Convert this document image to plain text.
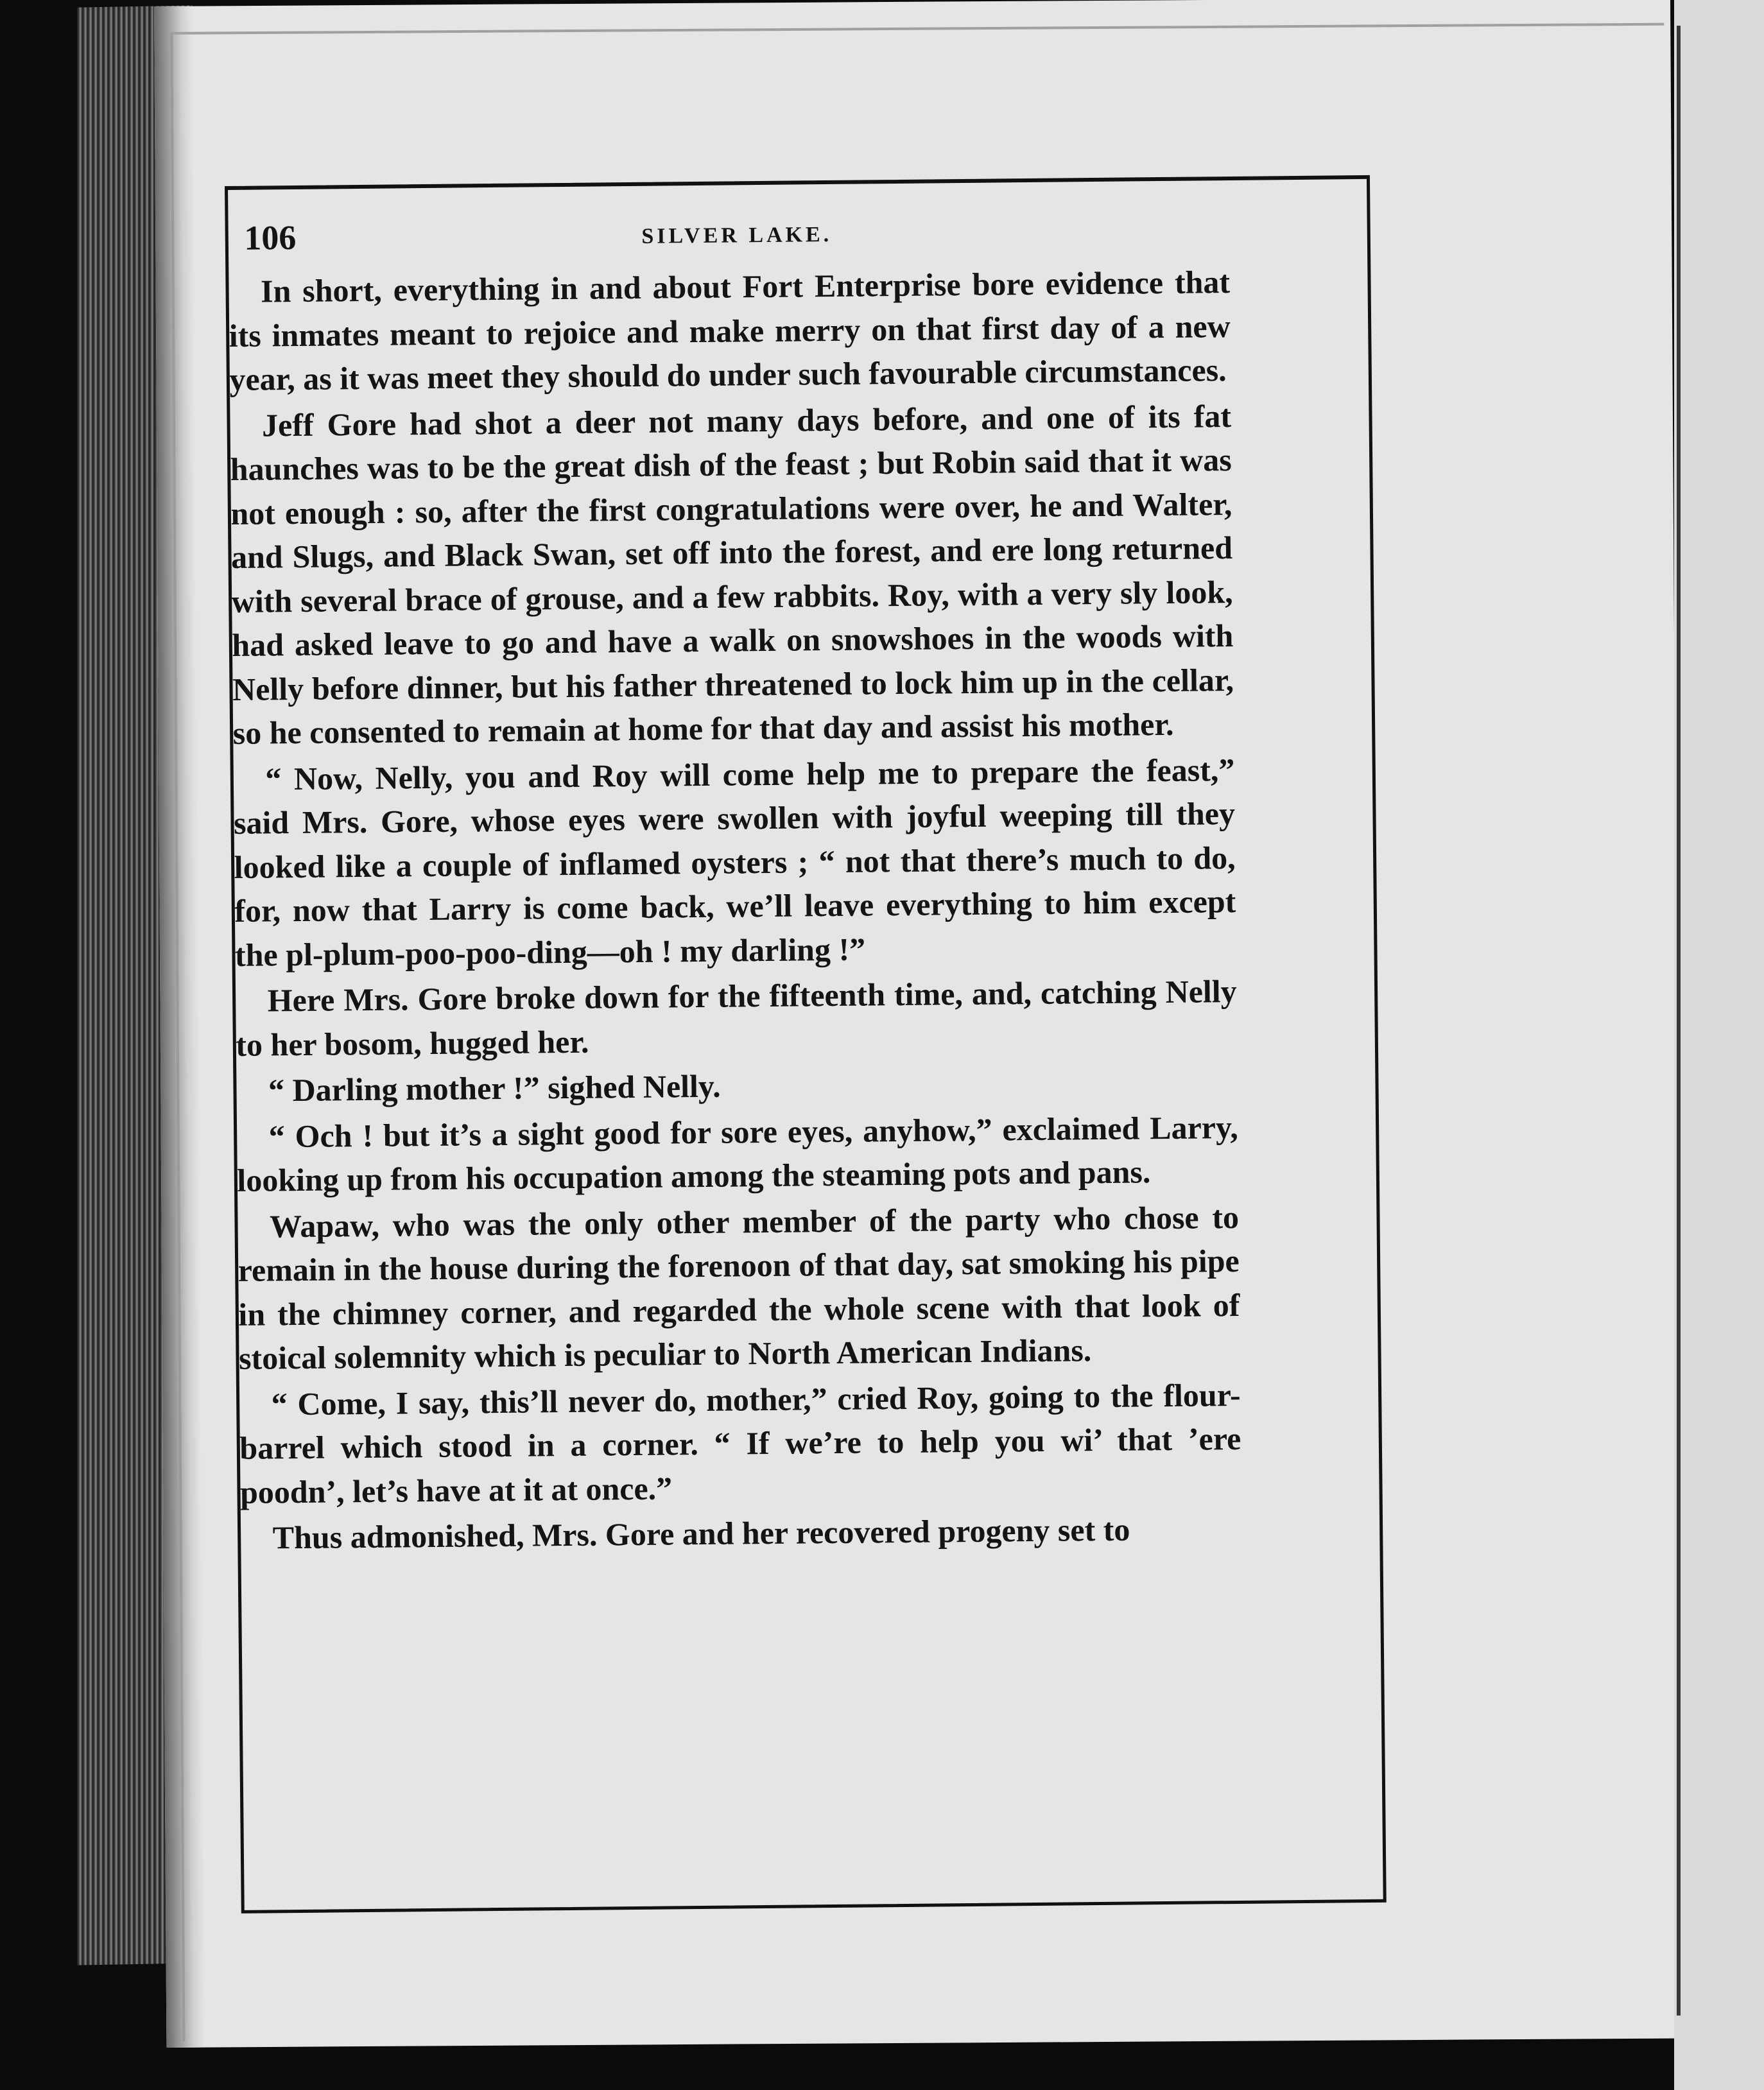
106	SILVER LAKE.

In short, everything in and about Fort Enterprise bore evidence that its inmates meant to rejoice and make merry on that first day of a new year, as it was meet they should do under such favourable circumstances.

Jeff Gore had shot a deer not many days before, and one of its fat haunches was to be the great dish of the feast ; but Robin said that it was not enough : so, after the first congratulations were over, he and Walter, and Slugs, and Black Swan, set off into the forest, and ere long returned with several brace of grouse, and a few rabbits. Roy, with a very sly look, had asked leave to go and have a walk on snowshoes in the woods with Nelly before dinner, but his father threatened to lock him up in the cellar, so he consented to remain at home for that day and assist his mother.

“ Now, Nelly, you and Roy will come help me to prepare the feast,” said Mrs. Gore, whose eyes were swollen with joyful weeping till they looked like a couple of inflamed oysters ; “ not that there’s much to do, for, now that Larry is come back, we’ll leave everything to him except the pl-plum-poo-poo-ding—oh ! my darling !”

Here Mrs. Gore broke down for the fifteenth time, and, catching Nelly to her bosom, hugged her.

“ Darling mother !” sighed Nelly.

“ Och ! but it’s a sight good for sore eyes, anyhow,” exclaimed Larry, looking up from his occupation among the steaming pots and pans.

Wapaw, who was the only other member of the party who chose to remain in the house during the forenoon of that day, sat smoking his pipe in the chimney corner, and regarded the whole scene with that look of stoical solemnity which is peculiar to North American Indians.

“ Come, I say, this’ll never do, mother,” cried Roy, going to the flour-barrel which stood in a corner. “ If we’re to help you wi’ that ’ere poodn’, let’s have at it at once.”

Thus admonished, Mrs. Gore and her recovered progeny set to
